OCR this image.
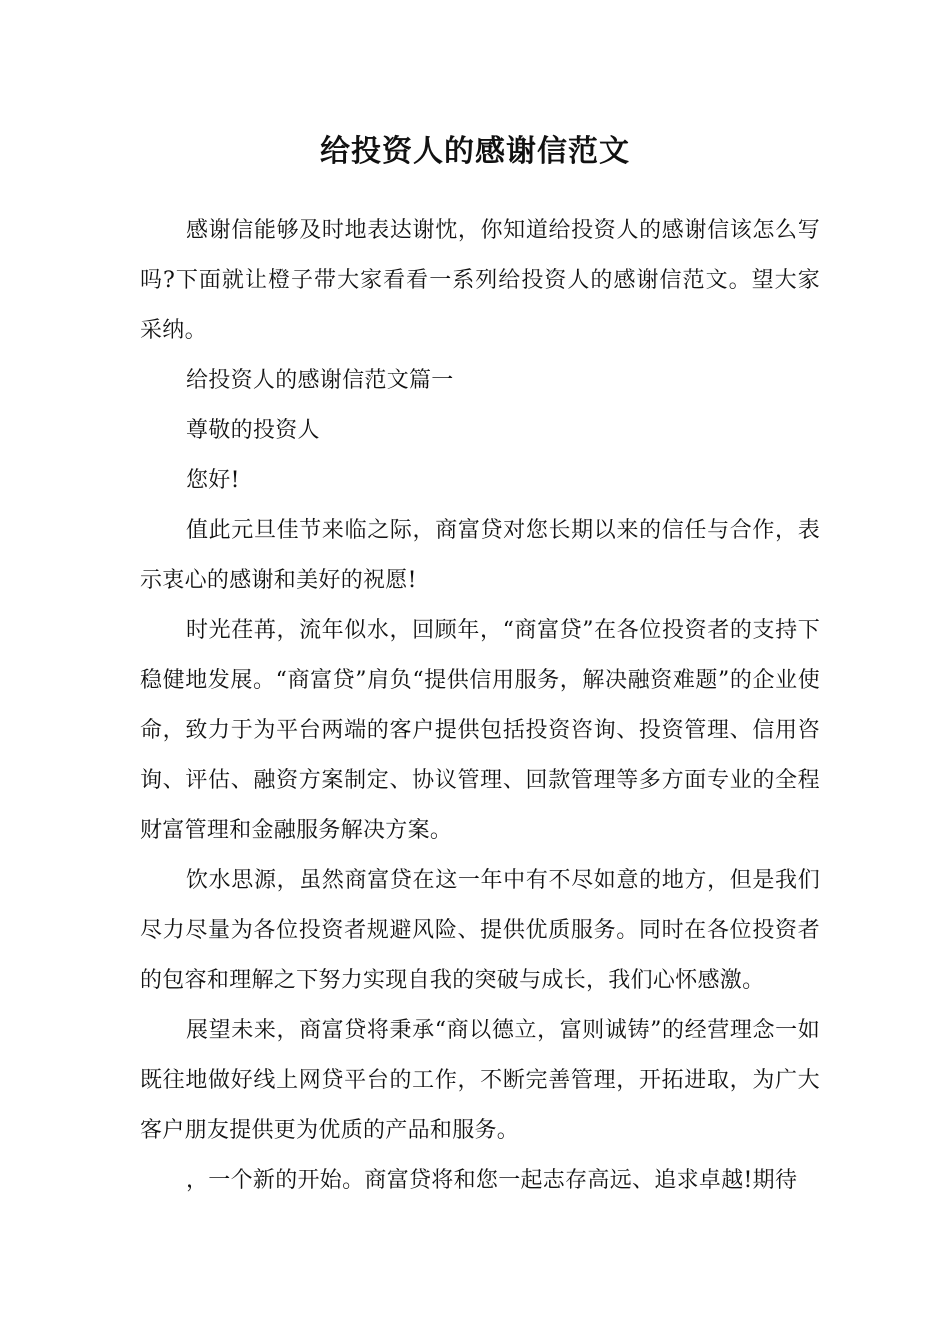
给投资人的感谢信范文

感谢信能够及时地表达谢忱，你知道给投资人的感谢信该怎么写吗?下面就让橙子带大家看看一系列给投资人的感谢信范文。望大家采纳。

给投资人的感谢信范文篇一

尊敬的投资人

您好!

值此元旦佳节来临之际，商富贷对您长期以来的信任与合作，表示衷心的感谢和美好的祝愿!

时光荏苒，流年似水，回顾年，“商富贷”在各位投资者的支持下稳健地发展。“商富贷”肩负“提供信用服务，解决融资难题”的企业使命，致力于为平台两端的客户提供包括投资咨询、投资管理、信用咨询、评估、融资方案制定、协议管理、回款管理等多方面专业的全程财富管理和金融服务解决方案。

饮水思源，虽然商富贷在这一年中有不尽如意的地方，但是我们尽力尽量为各位投资者规避风险、提供优质服务。同时在各位投资者的包容和理解之下努力实现自我的突破与成长，我们心怀感激。

展望未来，商富贷将秉承“商以德立，富则诚铸”的经营理念一如既往地做好线上网贷平台的工作，不断完善管理，开拓进取，为广大客户朋友提供更为优质的产品和服务。

，一个新的开始。商富贷将和您一起志存高远、追求卓越!期待
